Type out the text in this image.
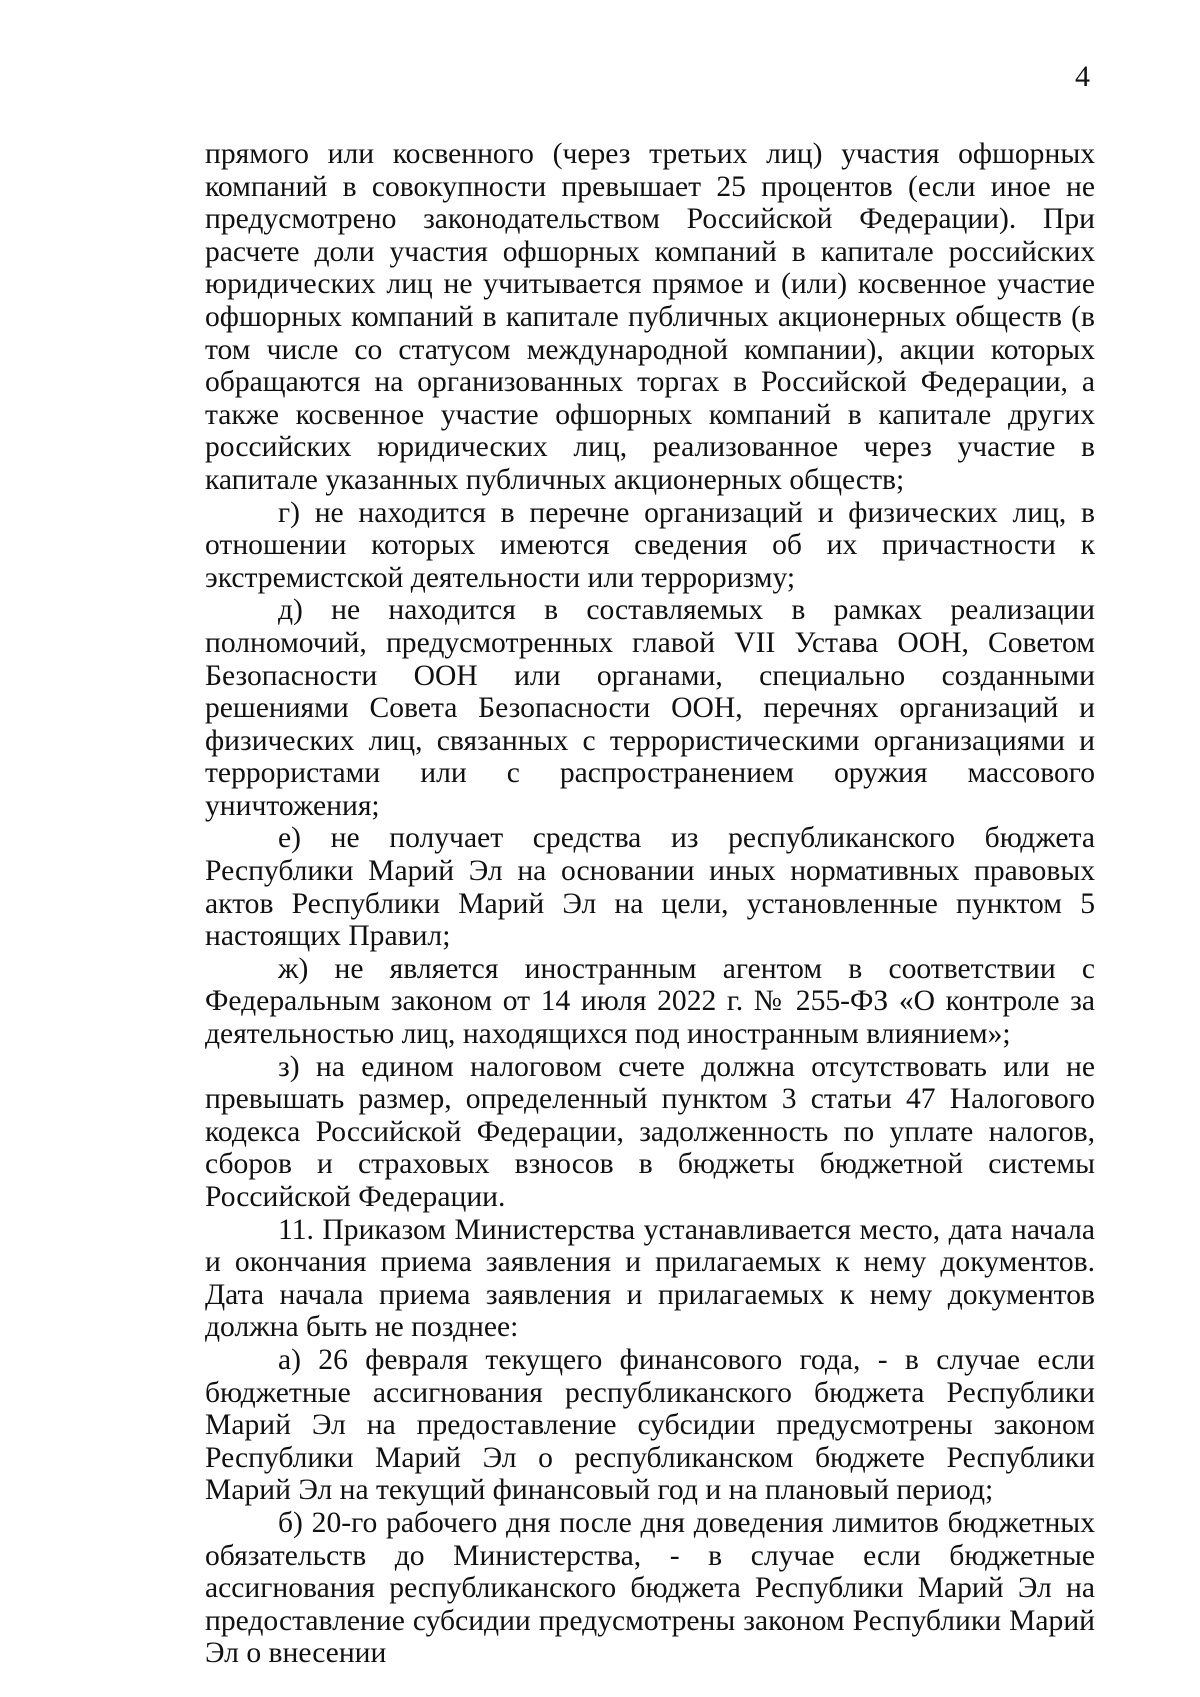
4

прямого или косвенного (через третьих лиц) участия офшорных компаний в совокупности превышает 25 процентов (если иное не предусмотрено законодательством Российской Федерации). При расчете доли участия офшорных компаний в капитале российских юридических лиц не учитывается прямое и (или) косвенное участие офшорных компаний в капитале публичных акционерных обществ (в том числе со статусом международной компании), акции которых обращаются на организованных торгах в Российской Федерации, а также косвенное участие офшорных компаний в капитале других российских юридических лиц, реализованное через участие в капитале указанных публичных акционерных обществ;

г) не находится в перечне организаций и физических лиц, в отношении которых имеются сведения об их причастности к экстремистской деятельности или терроризму;

д) не находится в составляемых в рамках реализации полномочий, предусмотренных главой VII Устава ООН, Советом Безопасности ООН или органами, специально созданными решениями Совета Безопасности ООН, перечнях организаций и физических лиц, связанных с террористическими организациями и террористами или с распространением оружия массового уничтожения;

е) не получает средства из республиканского бюджета Республики Марий Эл на основании иных нормативных правовых актов Республики Марий Эл на цели, установленные пунктом 5 настоящих Правил;

ж) не является иностранным агентом в соответствии с Федеральным законом от 14 июля 2022 г. № 255-ФЗ «О контроле за деятельностью лиц, находящихся под иностранным влиянием»;

з) на едином налоговом счете должна отсутствовать или не превышать размер, определенный пунктом 3 статьи 47 Налогового кодекса Российской Федерации, задолженность по уплате налогов, сборов и страховых взносов в бюджеты бюджетной системы Российской Федерации.

11. Приказом Министерства устанавливается место, дата начала и окончания приема заявления и прилагаемых к нему документов. Дата начала приема заявления и прилагаемых к нему документов должна быть не позднее:

а) 26 февраля текущего финансового года, - в случае если бюджетные ассигнования республиканского бюджета Республики Марий Эл на предоставление субсидии предусмотрены законом Республики Марий Эл о республиканском бюджете Республики Марий Эл на текущий финансовый год и на плановый период;

б) 20-го рабочего дня после дня доведения лимитов бюджетных обязательств до Министерства, - в случае если бюджетные ассигнования республиканского бюджета Республики Марий Эл на предоставление субсидии предусмотрены законом Республики Марий Эл о внесении
